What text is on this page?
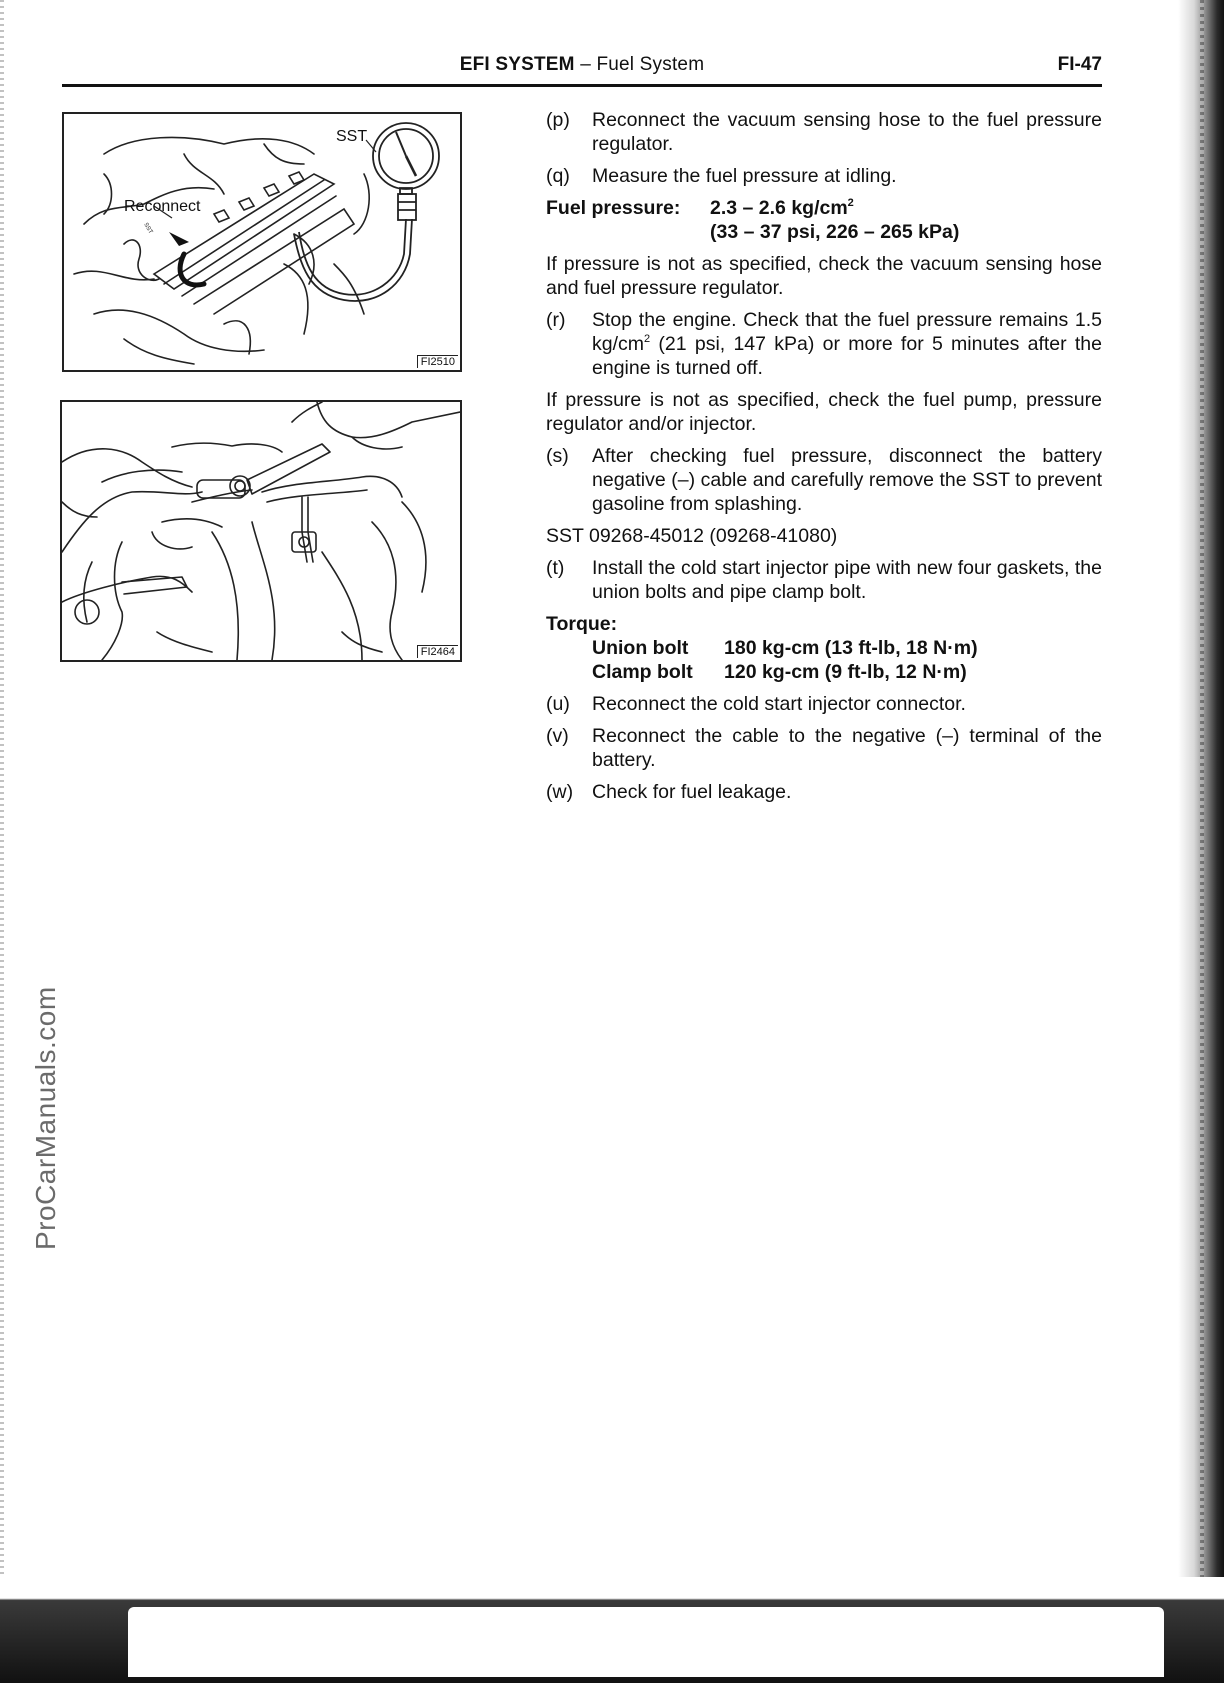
EFI SYSTEM – Fuel System	FI-47
SST
SST
Reconnect
FI2510
FI2464
ProCarManuals.com
(p) Reconnect the vacuum sensing hose to the fuel pressure regulator.
(q) Measure the fuel pressure at idling.
Fuel pressure:	2.3 – 2.6 $kg/cm^2$
(33 – 37 psi, 226 – 265 kPa)

If pressure is not as specified, check the vacuum sensing hose and fuel pressure regulator.

(r) Stop the engine. Check that the fuel pressure remains 1.5 $kg/cm^2$ (21 psi, 147 kPa) or more for 5 minutes after the engine is turned off.

If pressure is not as specified, check the fuel pump, pressure regulator and/or injector.

(s) After checking fuel pressure, disconnect the battery negative (–) cable and carefully remove the SST to prevent gasoline from splashing.

SST 09268-45012 (09268-41080)

(t) Install the cold start injector pipe with new four gaskets, the union bolts and pipe clamp bolt.
Torque:
Union bolt	180 kg-cm (13 ft-lb, 18 N·m)
Clamp bolt	120 kg-cm (9 ft-lb, 12 N·m)
(u) Reconnect the cold start injector connector.
(v) Reconnect the cable to the negative (–) terminal of the battery.
(w) Check for fuel leakage.
